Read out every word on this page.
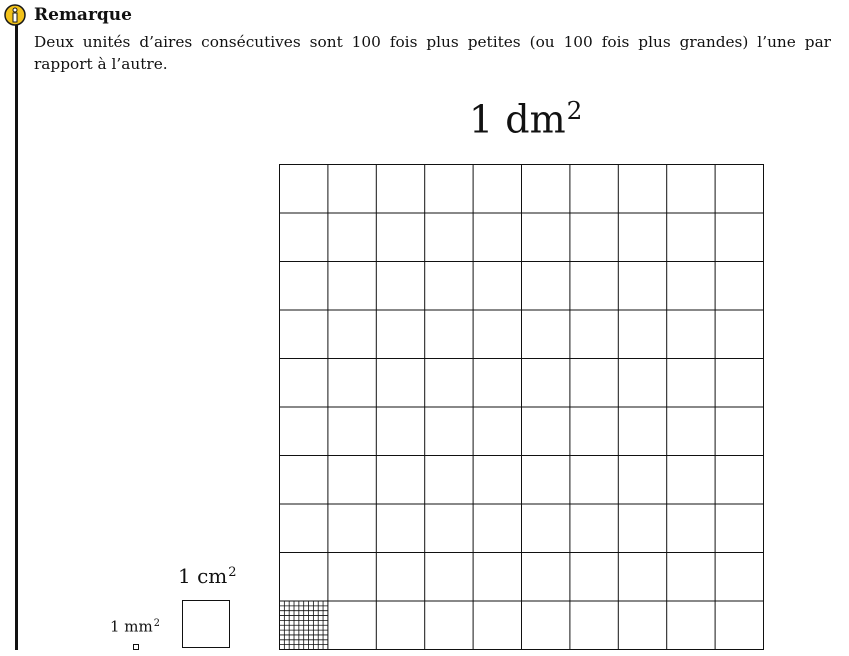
Remarque
Deux unités d’aires consécutives sont 100 fois plus petites (ou 100 fois plus grandes) l’une par rapport à l’autre.
1 $dm^2$
1 $cm^2$
1 $mm^2$
